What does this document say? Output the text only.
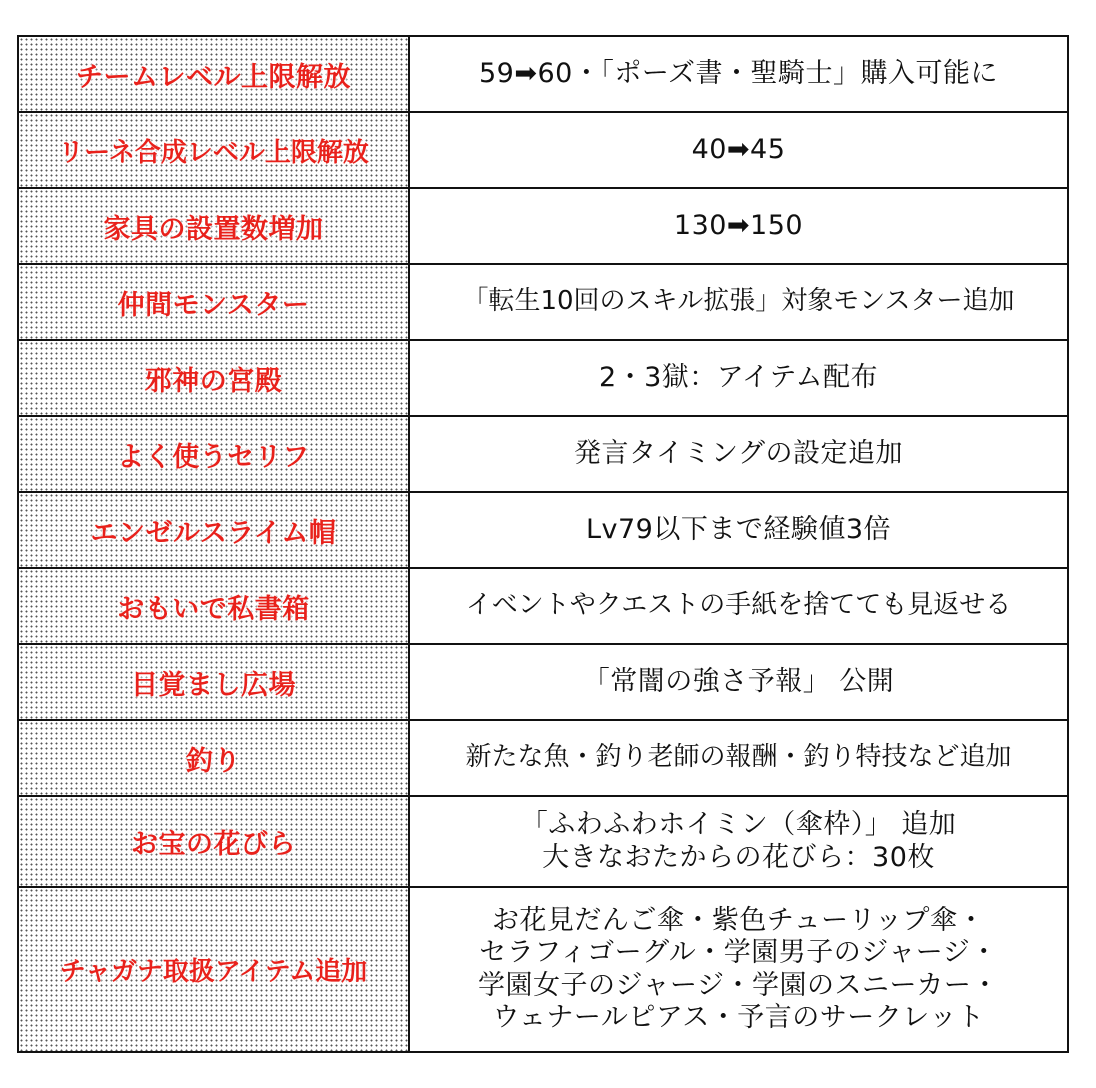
チームレベル上限解放	59➡60・「ポーズ書・聖騎士」購入可能に

リーネ合成レベル上限解放	40➡45

家具の設置数増加	130➡150

仲間モンスター	「転生10回のスキル拡張」対象モンスター追加

邪神の宮殿	2・3獄：アイテム配布

よく使うセリフ	発言タイミングの設定追加

エンゼルスライム帽	Lv79以下まで経験値3倍

おもいで私書箱	イベントやクエストの手紙を捨てても見返せる

目覚まし広場	「常闇の強さ予報」 公開

釣り	新たな魚・釣り老師の報酬・釣り特技など追加

お宝の花びら	「ふわふわホイミン（傘枠）」 追加
大きなおたからの花びら：30枚

チャガナ取扱アイテム追加	お花見だんご傘・紫色チューリップ傘・
セラフィゴーグル・学園男子のジャージ・
学園女子のジャージ・学園のスニーカー・
ウェナールピアス・予言のサークレット
